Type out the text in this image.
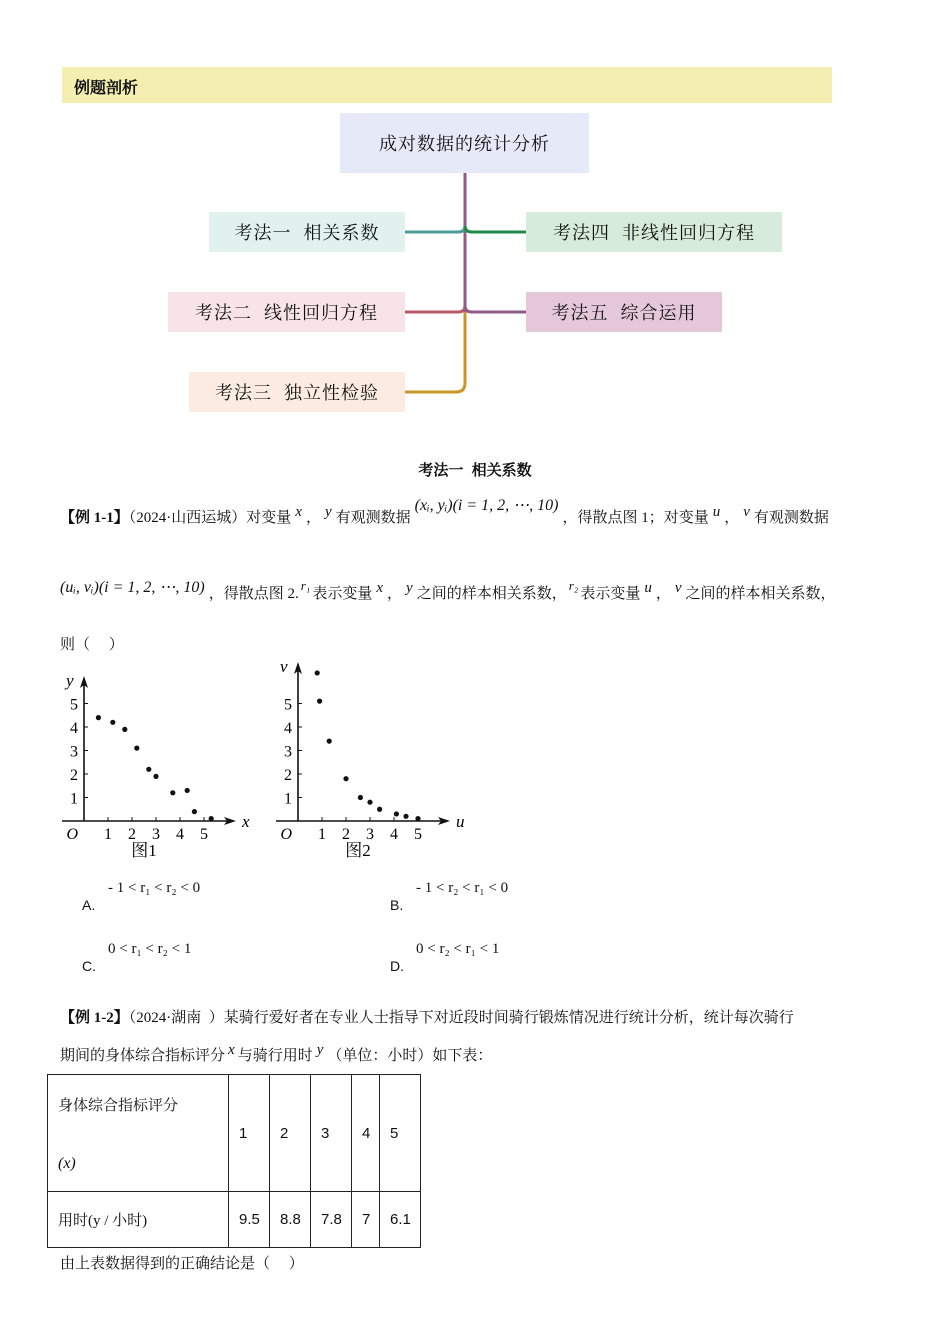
例题剖析
成对数据的统计分析
考法一  相关系数
考法二  线性回归方程
考法三  独立性检验
考法四  非线性回归方程
考法五  综合运用
考法一  相关系数
【例 1-1】（2024·山西运城）对变量 x ， y 有观测数据(xᵢ, yᵢ)(i = 1, 2, ⋯, 10)，得散点图 1；对变量 u ， v 有观测数据
(uᵢ, vᵢ)(i = 1, 2, ⋯, 10) ，得散点图 2.r₁表示变量 x ， y 之间的样本相关系数，r₂表示变量 u ， v 之间的样本相关系数，
则（     ）
1 2 3 4 5
1
2
3
4
5
O
x
y
图1
1 2 3 4 5
1
2
3
4
5
O
u
v
图2
A.
- 1 < r₁ < r₂ < 0
B.
- 1 < r₂ < r₁ < 0
C.
0 < r₁ < r₂ < 1
D.
0 < r₂ < r₁ < 1
【例 1-2】（2024·湖南  ）某骑行爱好者在专业人士指导下对近段时间骑行锻炼情况进行统计分析，统计每次骑行
期间的身体综合指标评分 x 与骑行用时 y （单位：小时）如下表：
身体综合指标评分
(x)	1	2	3	4	5
用时(y / 小时)	9.5	8.8	7.8	7	6.1
由上表数据得到的正确结论是（     ）
